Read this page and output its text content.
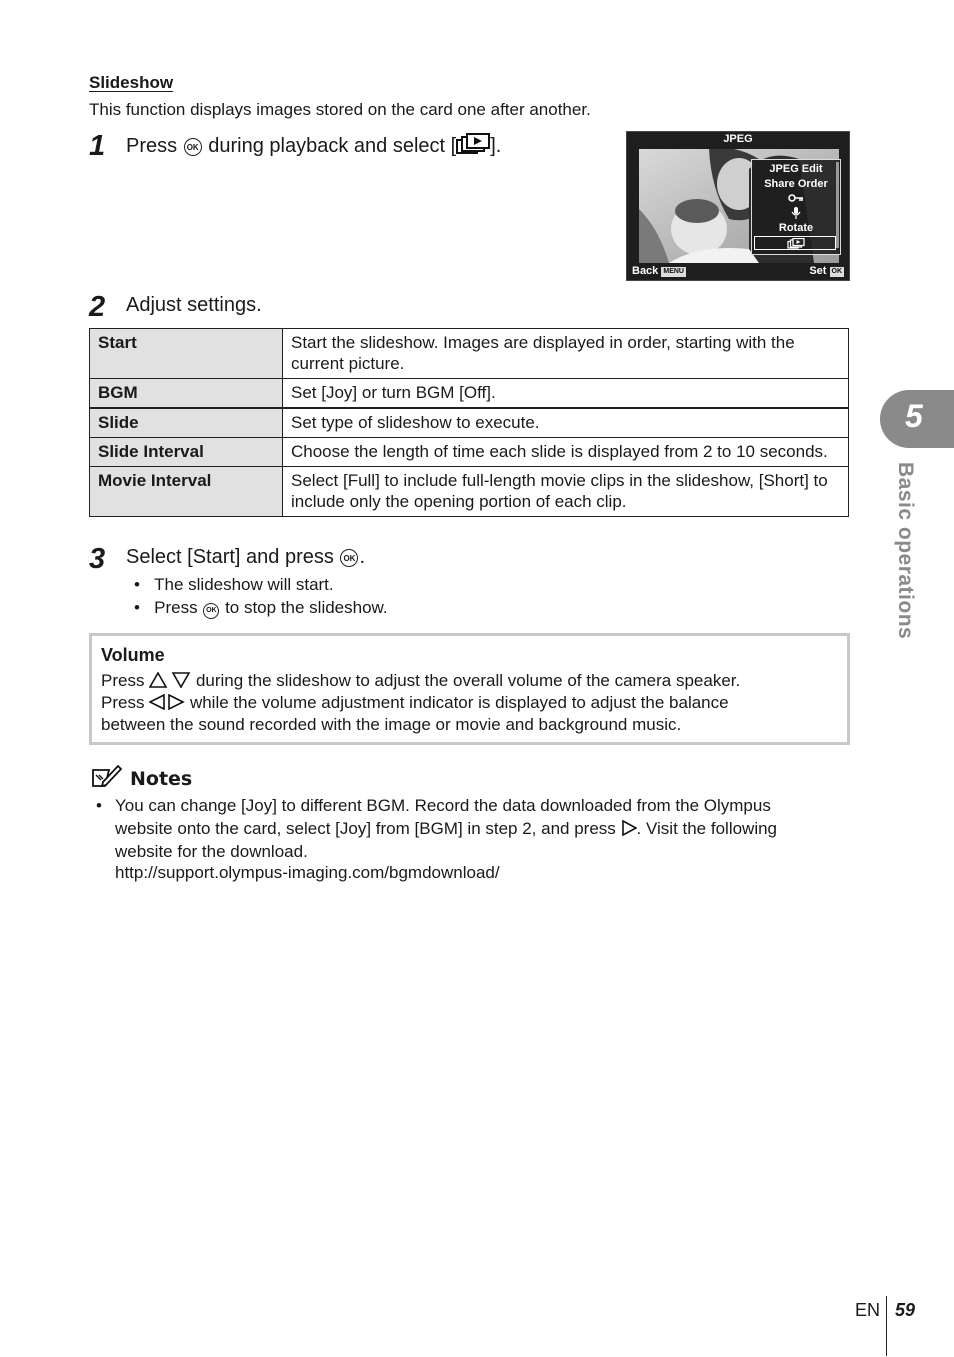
Slideshow
This function displays images stored on the card one after another.
1 Press OK during playback and select [ ].	JPEG
JPEG Edit
Share Order
Rotate
Back MENU	Set OK
2 Adjust settings.
Start	Start the slideshow. Images are displayed in order, starting with the current picture.
BGM	Set [Joy] or turn BGM [Off].
Slide	Set type of slideshow to execute.
Slide Interval	Choose the length of time each slide is displayed from 2 to 10 seconds.
Movie Interval	Select [Full] to include full-length movie clips in the slideshow, [Short] to include only the opening portion of each clip.
3 Select [Start] and press OK .
•   The slideshow will start.
•   Press OK to stop the slideshow.
Volume
Press	during the slideshow to adjust the overall volume of the camera speaker.
Press	while the volume adjustment indicator is displayed to adjust the balance
between the sound recorded with the image or movie and background music.
Notes
• You can change [Joy] to different BGM. Record the data downloaded from the Olympus
website onto the card, select [Joy] from [BGM] in step 2, and press . Visit the following
website for the download.
http://support.olympus-imaging.com/bgmdownload/
5
Basic operations
EN 59
